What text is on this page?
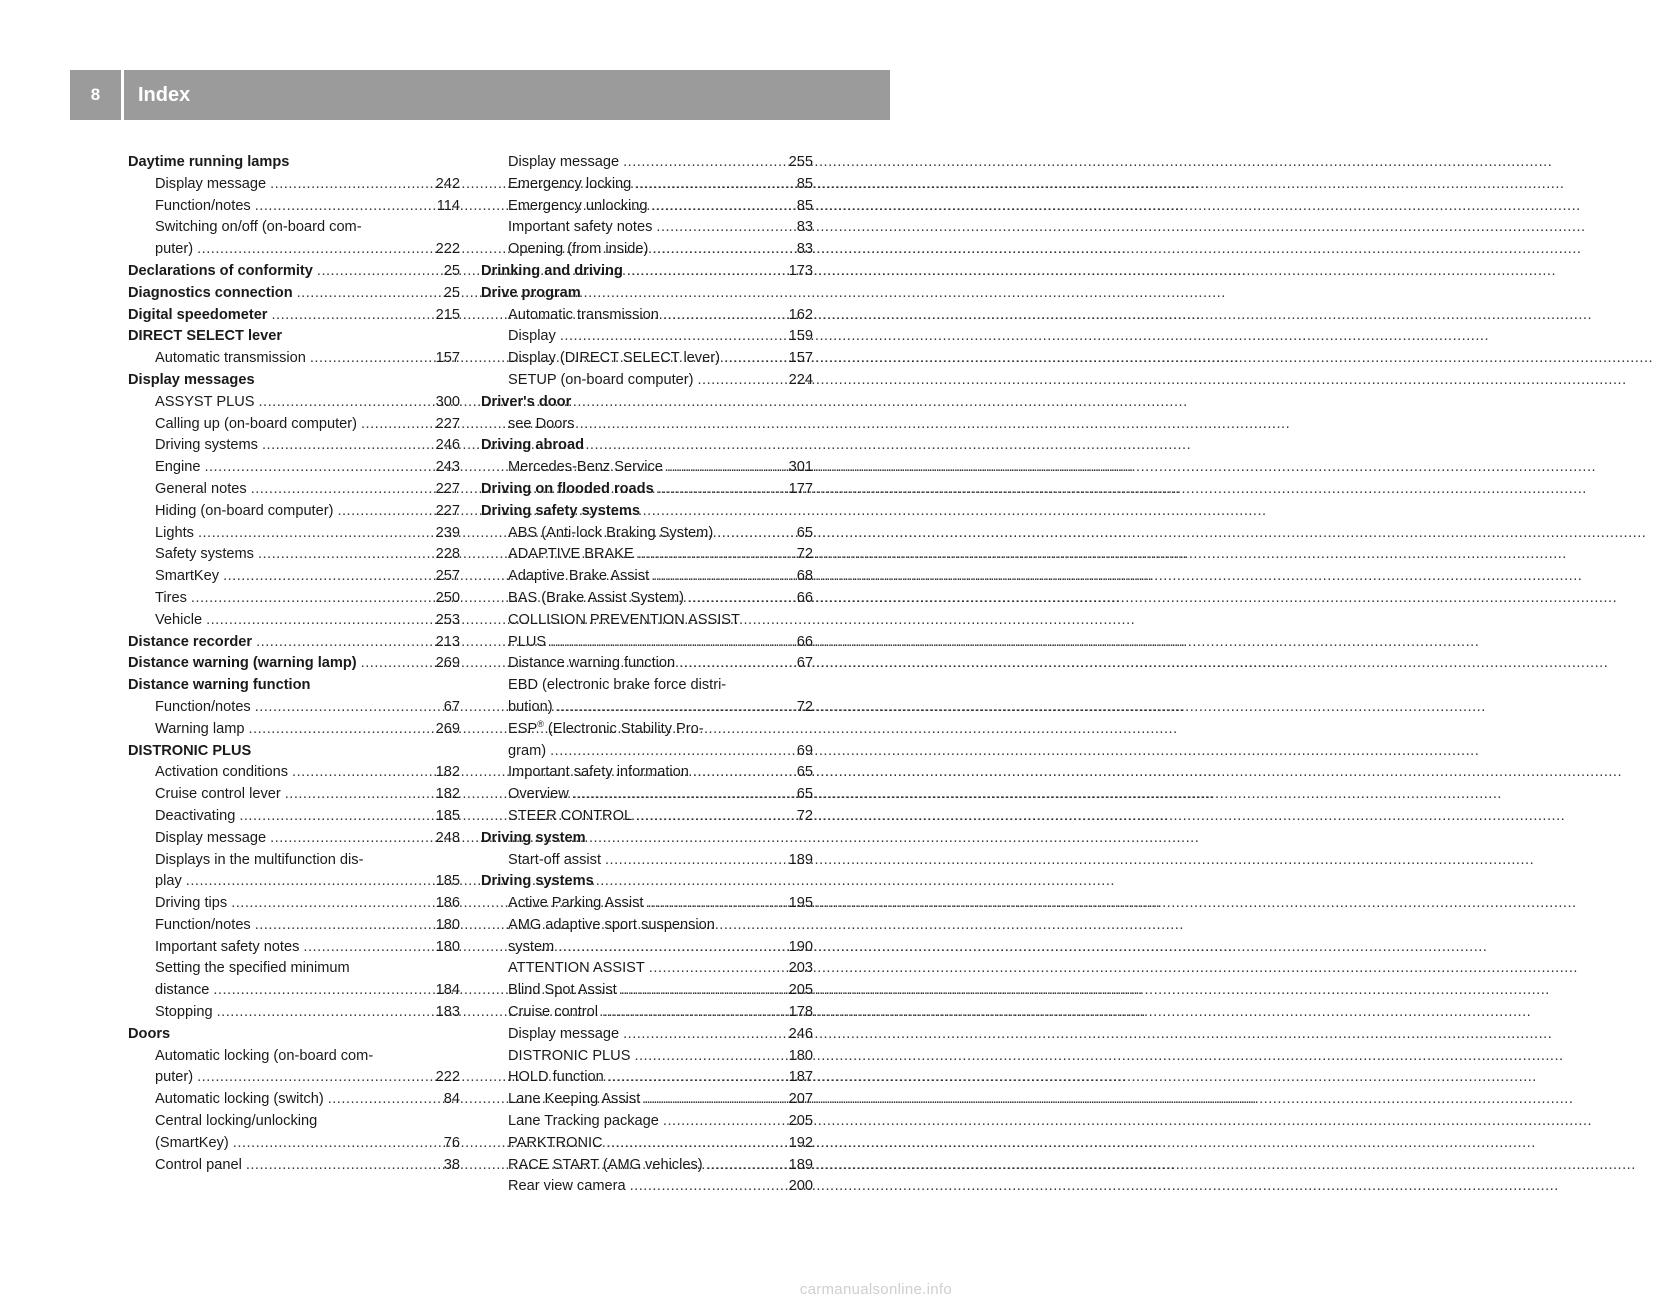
8	Index
Daytime running lamps
Display message .....	242
Function/notes .....	114
Switching on/off (on-board com-
puter) .....	222
Declarations of conformity .....	25
Diagnostics connection .....	25
Digital speedometer .....	215
DIRECT SELECT lever
Automatic transmission .....	157
Display messages
ASSYST PLUS .....	300
Calling up (on-board computer) .....	227
Driving systems .....	246
Engine .....	243
General notes .....	227
Hiding (on-board computer) .....	227
Lights .....	239
Safety systems .....	228
SmartKey .....	257
Tires .....	250
Vehicle .....	253
Distance recorder .....	213
Distance warning (warning lamp) .....	269
Distance warning function
Function/notes .....	67
Warning lamp .....	269
DISTRONIC PLUS
Activation conditions .....	182
Cruise control lever .....	182
Deactivating .....	185
Display message .....	248
Displays in the multifunction dis-
play .....	185
Driving tips .....	186
Function/notes .....	180
Important safety notes .....	180
Setting the specified minimum
distance .....	184
Stopping .....	183
Doors
Automatic locking (on-board com-
puter) .....	222
Automatic locking (switch) .....	84
Central locking/unlocking
(SmartKey) .....	76
Control panel .....	38
Display message .....	255
Emergency locking .....	85
Emergency unlocking .....	85
Important safety notes .....	83
Opening (from inside) .....	83
Drinking and driving .....	173
Drive program
Automatic transmission .....	162
Display .....	159
Display (DIRECT SELECT lever) .....	157
SETUP (on-board computer) .....	224
Driver's door
see Doors
Driving abroad
Mercedes-Benz Service .....	301
Driving on flooded roads .....	177
Driving safety systems
ABS (Anti-lock Braking System) .....	65
ADAPTIVE BRAKE .....	72
Adaptive Brake Assist .....	68
BAS (Brake Assist System) .....	66
COLLISION PREVENTION ASSIST
PLUS .....	66
Distance warning function .....	67
EBD (electronic brake force distri-
bution) .....	72
ESP® (Electronic Stability Pro-
gram) .....	69
Important safety information .....	65
Overview .....	65
STEER CONTROL .....	72
Driving system
Start-off assist .....	189
Driving systems
Active Parking Assist .....	195
AMG adaptive sport suspension
system .....	190
ATTENTION ASSIST .....	203
Blind Spot Assist .....	205
Cruise control .....	178
Display message .....	246
DISTRONIC PLUS .....	180
HOLD function .....	187
Lane Keeping Assist .....	207
Lane Tracking package .....	205
PARKTRONIC .....	192
RACE START (AMG vehicles) .....	189
Rear view camera .....	200
carmanualsonline.info
